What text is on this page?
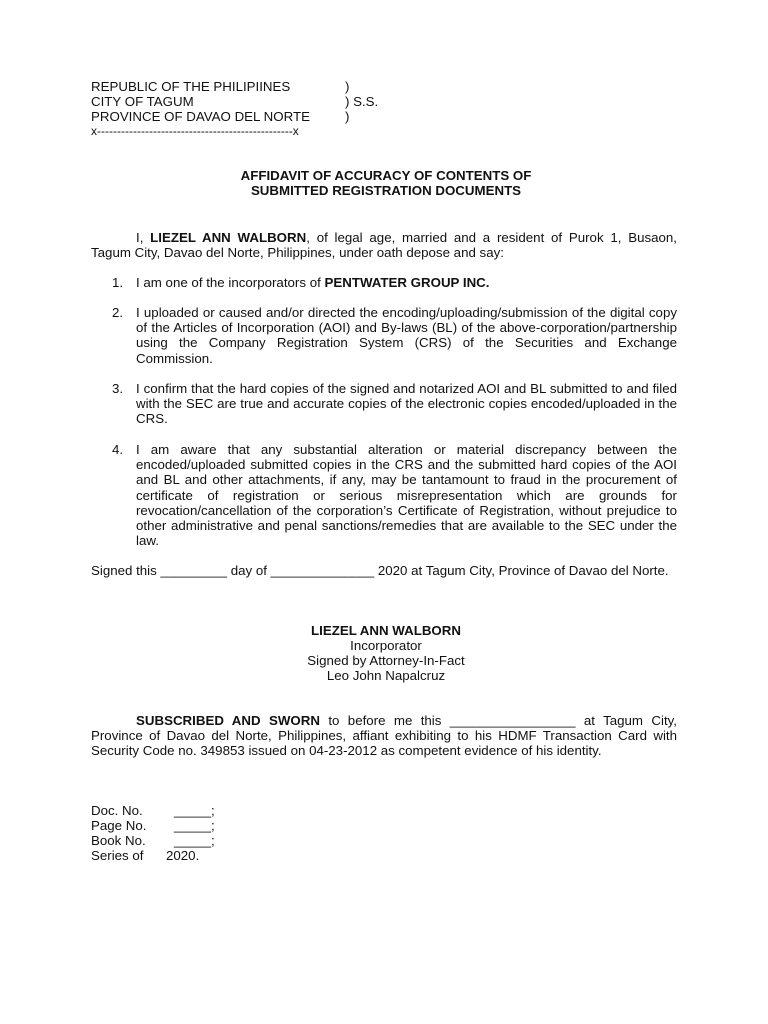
REPUBLIC OF THE PHILIPIINES	)
CITY OF TAGUM	) S.S.
PROVINCE OF DAVAO DEL NORTE	)
x-------------------------------------------------x
AFFIDAVIT OF ACCURACY OF CONTENTS OF
SUBMITTED REGISTRATION DOCUMENTS
I, LIEZEL ANN WALBORN, of legal age, married and a resident of Purok 1, Busaon, Tagum City, Davao del Norte, Philippines, under oath depose and say:
1. I am one of the incorporators of PENTWATER GROUP INC.
2. I uploaded or caused and/or directed the encoding/uploading/submission of the digital copy of the Articles of Incorporation (AOI) and By-laws (BL) of the above-corporation/partnership using the Company Registration System (CRS) of the Securities and Exchange Commission.
3. I confirm that the hard copies of the signed and notarized AOI and BL submitted to and filed with the SEC are true and accurate copies of the electronic copies encoded/uploaded in the CRS.
4. I am aware that any substantial alteration or material discrepancy between the encoded/uploaded submitted copies in the CRS and the submitted hard copies of the AOI and BL and other attachments, if any, may be tantamount to fraud in the procurement of certificate of registration or serious misrepresentation which are grounds for revocation/cancellation of the corporation’s Certificate of Registration, without prejudice to other administrative and penal sanctions/remedies that are available to the SEC under the law.
Signed this _________ day of ______________ 2020 at Tagum City, Province of Davao del Norte.
LIEZEL ANN WALBORN
Incorporator
Signed by Attorney-In-Fact
Leo John Napalcruz
SUBSCRIBED AND SWORN to before me this _________________ at Tagum City, Province of Davao del Norte, Philippines, affiant exhibiting to his HDMF Transaction Card with Security Code no. 349853 issued on 04-23-2012 as competent evidence of his identity.
Doc. No. _____;
Page No. _____;
Book No. _____;
Series of 2020.
